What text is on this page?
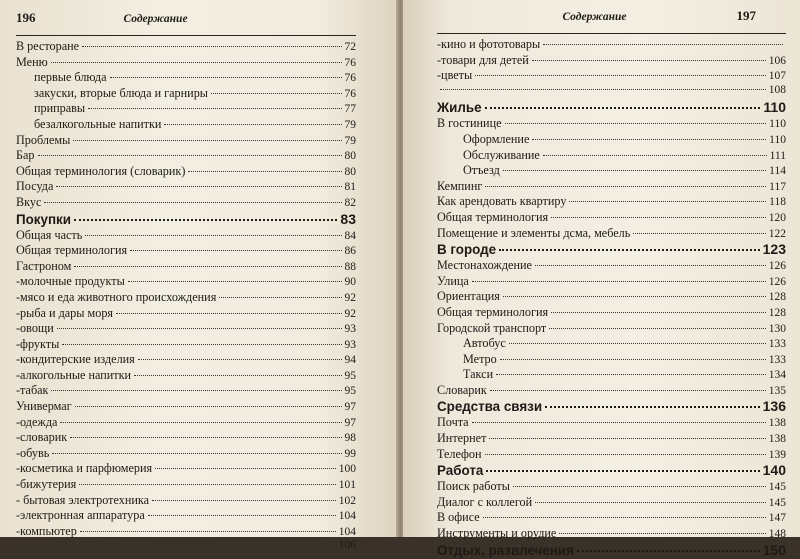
196	Содержание
В ресторане	72
Меню	76
первые блюда	76
закуски, вторые блюда и гарниры	76
приправы	77
безалкогольные напитки	79
Проблемы	79
Бар	80
Общая терминология (словарик)	80
Посуда	81
Вкус	82
Покупки	83
Общая часть	84
Общая терминология	86
Гастроном	88
-молочные продукты	90
-мясо и еда животного происхождения	92
-рыба и дары моря	92
-овощи	93
-фрукты	93
-кондитерские изделия	94
-алкогольные напитки	95
-табак	95
Универмаг	97
-одежда	97
-словарик	98
-обувь	99
-косметика и парфюмерия	100
-бижутерия	101
- бытовая электротехника	102
-электронная аппаратура	104
-компьютер	104
106
Содержание	197
-кино и фототовары
-товари для детей	106
-цветы	107
108
Жилье	110
В гостинице	110
Оформление	110
Обслуживание	111
Отъезд	114
Кемпинг	117
Как арендовать квартиру	118
Общая терминология	120
Помещение и элементы дсма, мебель	122
В городе	123
Местонахождение	126
Улица	126
Ориентация	128
Общая терминология	128
Городской транспорт	130
Автобус	133
Метро	133
Такси	134
Словарик	135
Средства связи	136
Почта	138
Интернет	138
Телефон	139
Работа	140
Поиск работы	145
Диалог с коллегой	145
В офисе	147
Инструменты и орудие	148
Отдых, развлечения	150
